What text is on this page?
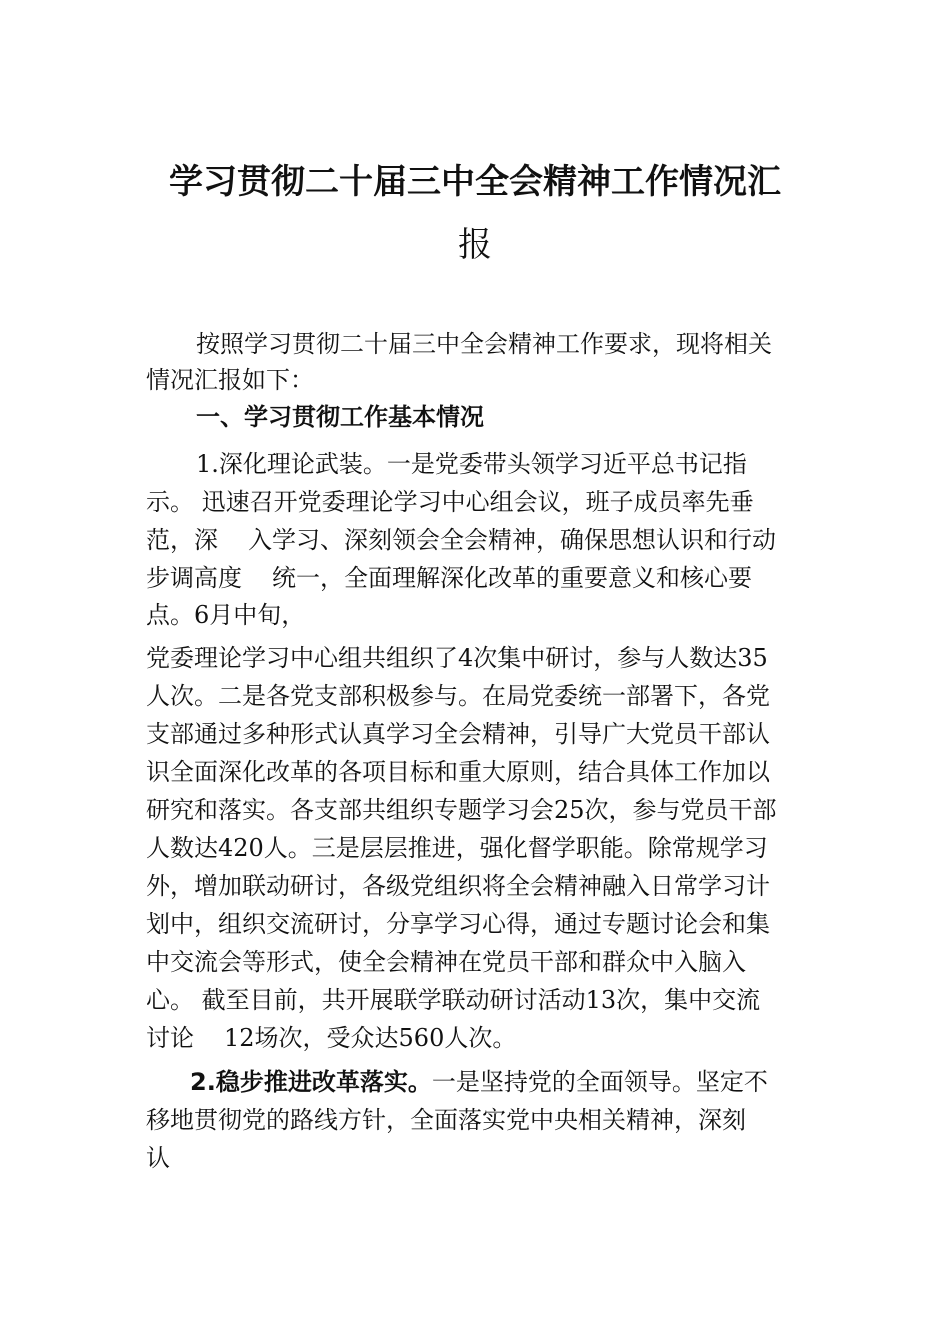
学习贯彻二十届三中全会精神工作情况汇
报
按照学习贯彻二十届三中全会精神工作要求，现将相关
情况汇报如下：
一、学习贯彻工作基本情况
1.深化理论武装。一是党委带头领学习近平总书记指
示。 迅速召开党委理论学习中心组会议，班子成员率先垂
范，深 入学习、深刻领会全会精神，确保思想认识和行动
步调高度 统一，全面理解深化改革的重要意义和核心要
点。6月中旬，
党委理论学习中心组共组织了4次集中研讨，参与人数达35
人次。二是各党支部积极参与。在局党委统一部署下，各党
支部通过多种形式认真学习全会精神，引导广大党员干部认
识全面深化改革的各项目标和重大原则，结合具体工作加以
研究和落实。各支部共组织专题学习会25次，参与党员干部
人数达420人。三是层层推进，强化督学职能。除常规学习
外，增加联动研讨，各级党组织将全会精神融入日常学习计
划中，组织交流研讨，分享学习心得，通过专题讨论会和集
中交流会等形式，使全会精神在党员干部和群众中入脑入
心。 截至目前，共开展联学联动研讨活动13次，集中交流
讨论 12场次，受众达560人次。
2.稳步推进改革落实。一是坚持党的全面领导。坚定不
移地贯彻党的路线方针，全面落实党中央相关精神，深刻
认
